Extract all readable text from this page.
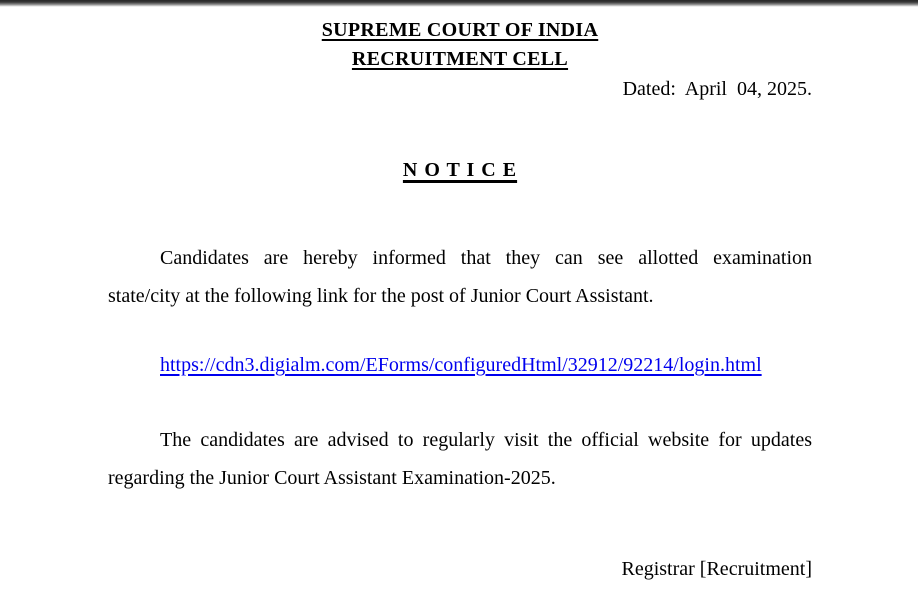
SUPREME COURT OF INDIA
RECRUITMENT CELL
Dated:  April  04, 2025.
N O T I C E
Candidates are hereby informed that they can see allotted examination
state/city at the following link for the post of Junior Court Assistant.
https://cdn3.digialm.com/EForms/configuredHtml/32912/92214/login.html
The candidates are advised to regularly visit the official website for updates
regarding the Junior Court Assistant Examination-2025.
Registrar [Recruitment]
